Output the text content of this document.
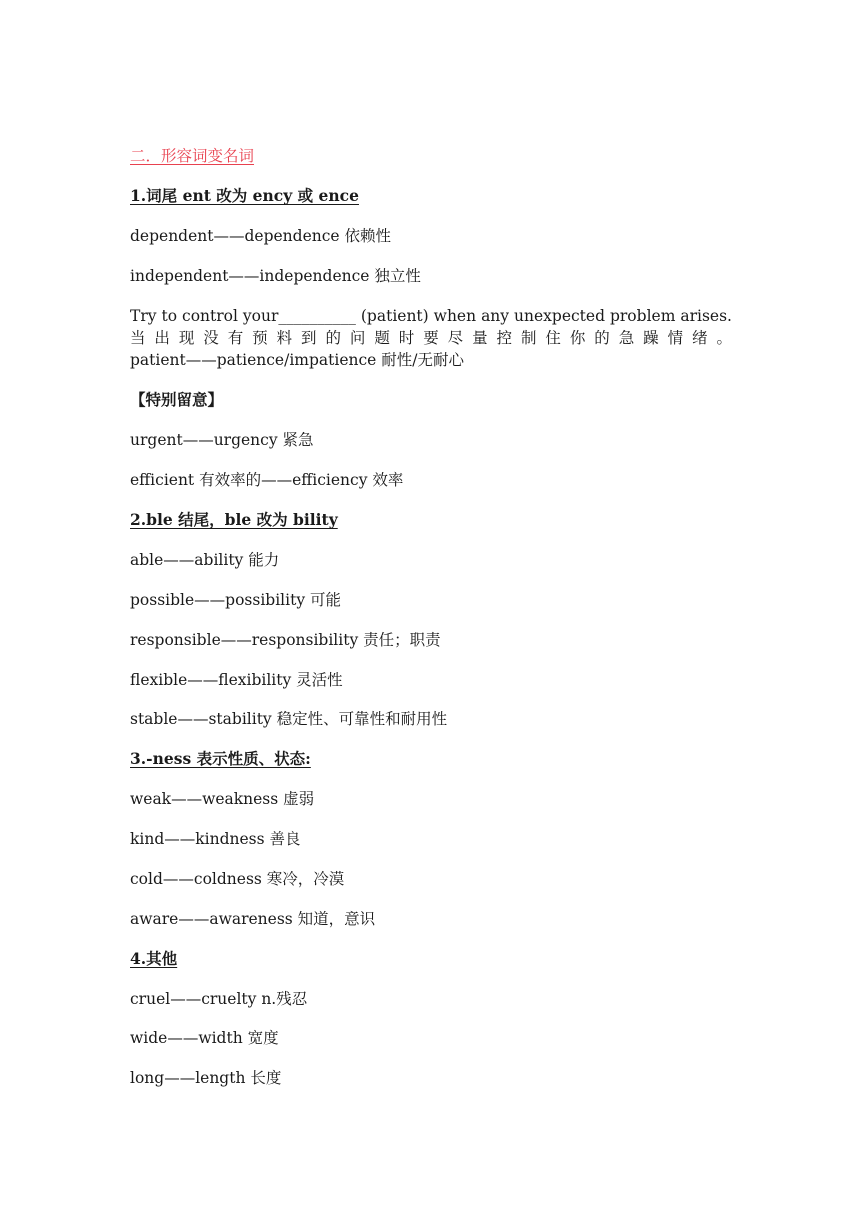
二．形容词变名词
1.词尾 ent 改为 ency 或 ence
dependent——dependence 依赖性
independent——independence 独立性
Try to control your__________ (patient) when any unexpected problem arises. 当出现没有预料到的问题时要尽量控制住你的急躁情绪。
patient——patience/impatience 耐性/无耐心
【特别留意】
urgent——urgency 紧急
efficient 有效率的——efficiency 效率
2.ble 结尾，ble 改为 bility
able——ability 能力
possible——possibility 可能
responsible——responsibility 责任；职责
flexible——flexibility 灵活性
stable——stability 稳定性、可靠性和耐用性
3.-ness 表示性质、状态:
weak——weakness 虚弱
kind——kindness 善良
cold——coldness 寒冷，冷漠
aware——awareness 知道，意识
4.其他
cruel——cruelty n.残忍
wide——width 宽度
long——length 长度
